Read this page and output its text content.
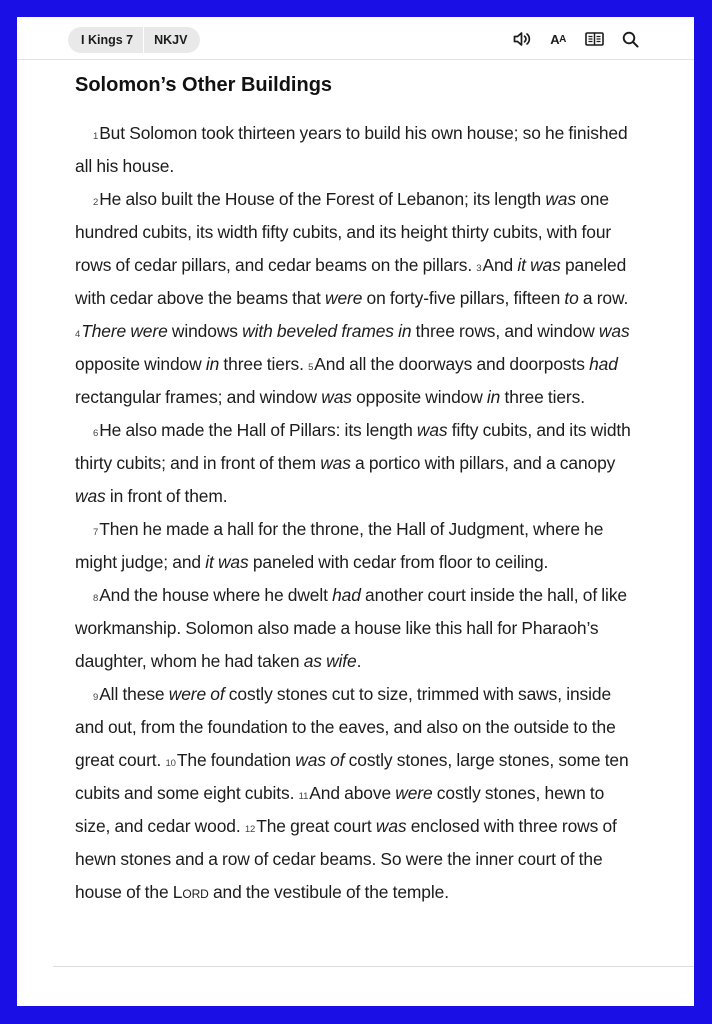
I Kings 7	NKJV	A A
Solomon’s Other Buildings

$^1$But Solomon took thirteen years to build his own house; so he finished all his house.

$^2$He also built the House of the Forest of Lebanon; its length was one hundred cubits, its width fifty cubits, and its height thirty cubits, with four rows of cedar pillars, and cedar beams on the pillars. $^3$And it was paneled with cedar above the beams that were on forty-five pillars, fifteen to a row. $^4$There were windows with beveled frames in three rows, and window was opposite window in three tiers. $^5$And all the doorways and doorposts had rectangular frames; and window was opposite window in three tiers.

$^6$He also made the Hall of Pillars: its length was fifty cubits, and its width thirty cubits; and in front of them was a portico with pillars, and a canopy was in front of them.

$^7$Then he made a hall for the throne, the Hall of Judgment, where he might judge; and it was paneled with cedar from floor to ceiling.

$^8$And the house where he dwelt had another court inside the hall, of like workmanship. Solomon also made a house like this hall for Pharaoh’s daughter, whom he had taken as wife.

$^9$All these were of costly stones cut to size, trimmed with saws, inside and out, from the foundation to the eaves, and also on the outside to the great court. $^{10}$The foundation was of costly stones, large stones, some ten cubits and some eight cubits. $^{11}$And above were costly stones, hewn to size, and cedar wood. $^{12}$The great court was enclosed with three rows of hewn stones and a row of cedar beams. So were the inner court of the house of the Lord and the vestibule of the temple.
